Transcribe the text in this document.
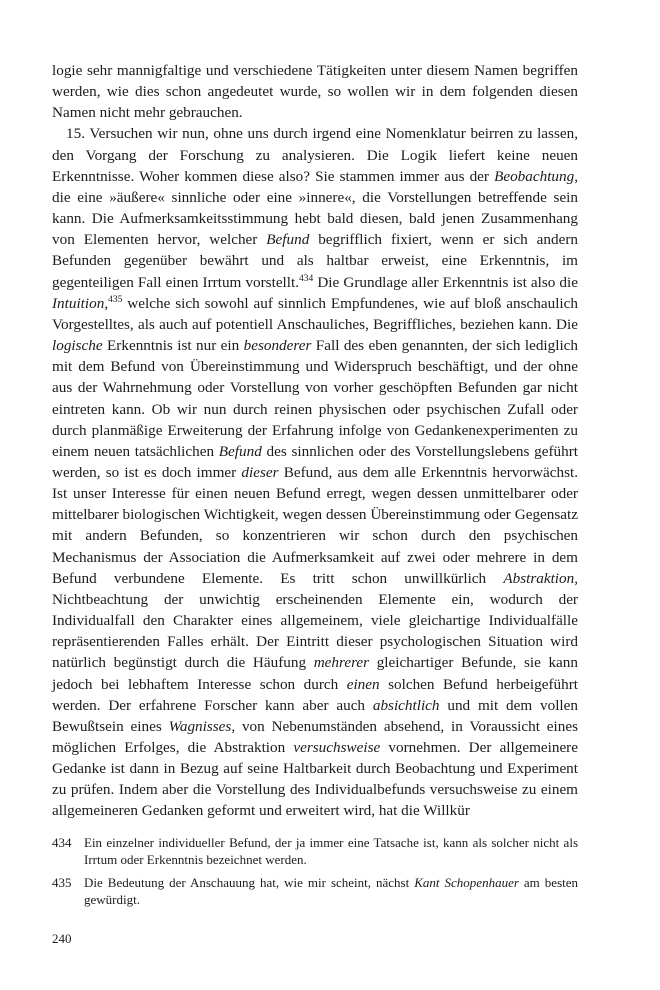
logie sehr mannigfaltige und verschiedene Tätigkeiten unter diesem Namen begriffen werden, wie dies schon angedeutet wurde, so wollen wir in dem folgenden diesen Namen nicht mehr gebrauchen.

15. Versuchen wir nun, ohne uns durch irgend eine Nomenklatur beirren zu lassen, den Vorgang der Forschung zu analysieren. Die Logik liefert keine neuen Erkenntnisse. Woher kommen diese also? Sie stammen immer aus der Beobachtung, die eine »äußere« sinnliche oder eine »innere«, die Vorstellungen betreffende sein kann. Die Aufmerksamkeitsstimmung hebt bald diesen, bald jenen Zusammenhang von Elementen hervor, welcher Befund begrifflich fixiert, wenn er sich andern Befunden gegenüber bewährt und als haltbar erweist, eine Erkenntnis, im gegenteiligen Fall einen Irrtum vorstellt.$^{434}$ Die Grundlage aller Erkenntnis ist also die Intuition,$^{435}$ welche sich sowohl auf sinnlich Empfundenes, wie auf bloß anschaulich Vorgestelltes, als auch auf potentiell Anschauliches, Begriffliches, beziehen kann. Die logische Erkenntnis ist nur ein besonderer Fall des eben genannten, der sich lediglich mit dem Befund von Übereinstimmung und Widerspruch beschäftigt, und der ohne aus der Wahrnehmung oder Vorstellung von vorher geschöpften Befunden gar nicht eintreten kann. Ob wir nun durch reinen physischen oder psychischen Zufall oder durch planmäßige Erweiterung der Erfahrung infolge von Gedankenexperimenten zu einem neuen tatsächlichen Befund des sinnlichen oder des Vorstellungslebens geführt werden, so ist es doch immer dieser Befund, aus dem alle Erkenntnis hervorwächst. Ist unser Interesse für einen neuen Befund erregt, wegen dessen unmittelbarer oder mittelbarer biologischen Wichtigkeit, wegen dessen Übereinstimmung oder Gegensatz mit andern Befunden, so konzentrieren wir schon durch den psychischen Mechanismus der Association die Aufmerksamkeit auf zwei oder mehrere in dem Befund verbundene Elemente. Es tritt schon unwillkürlich Abstraktion, Nichtbeachtung der unwichtig erscheinenden Elemente ein, wodurch der Individualfall den Charakter eines allgemeinem, viele gleichartige Individualfälle repräsentierenden Falles erhält. Der Eintritt dieser psychologischen Situation wird natürlich begünstigt durch die Häufung mehrerer gleichartiger Befunde, sie kann jedoch bei lebhaftem Interesse schon durch einen solchen Befund herbeigeführt werden. Der erfahrene Forscher kann aber auch absichtlich und mit dem vollen Bewußtsein eines Wagnisses, von Nebenumständen absehend, in Voraussicht eines möglichen Erfolges, die Abstraktion versuchsweise vornehmen. Der allgemeinere Gedanke ist dann in Bezug auf seine Haltbarkeit durch Beobachtung und Experiment zu prüfen. Indem aber die Vorstellung des Individualbefunds versuchsweise zu einem allgemeineren Gedanken geformt und erweitert wird, hat die Willkür

434 Ein einzelner individueller Befund, der ja immer eine Tatsache ist, kann als solcher nicht als Irrtum oder Erkenntnis bezeichnet werden.
435 Die Bedeutung der Anschauung hat, wie mir scheint, nächst Kant Schopenhauer am besten gewürdigt.
240
